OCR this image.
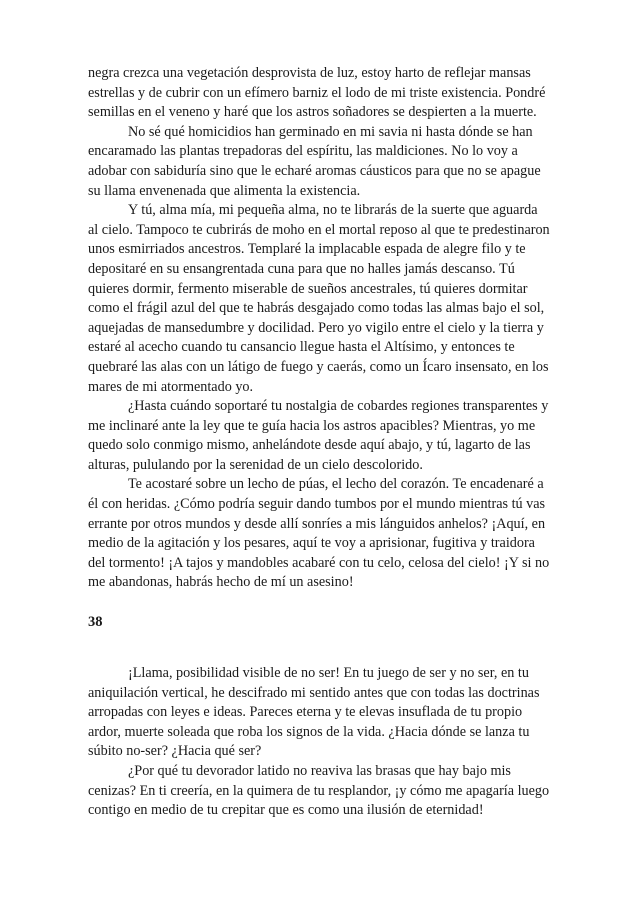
negra crezca una vegetación desprovista de luz, estoy harto de reflejar mansas estrellas y de cubrir con un efímero barniz el lodo de mi triste existencia. Pondré semillas en el veneno y haré que los astros soñadores se despierten a la muerte.

No sé qué homicidios han germinado en mi savia ni hasta dónde se han encaramado las plantas trepadoras del espíritu, las maldiciones. No lo voy a adobar con sabiduría sino que le echaré aromas cáusticos para que no se apague su llama envenenada que alimenta la existencia.

Y tú, alma mía, mi pequeña alma, no te librarás de la suerte que aguarda al cielo. Tampoco te cubrirás de moho en el mortal reposo al que te predestinaron unos esmirriados ancestros. Templaré la implacable espada de alegre filo y te depositaré en su ensangrentada cuna para que no halles jamás descanso. Tú quieres dormir, fermento miserable de sueños ancestrales, tú quieres dormitar como el frágil azul del que te habrás desgajado como todas las almas bajo el sol, aquejadas de mansedumbre y docilidad. Pero yo vigilo entre el cielo y la tierra y estaré al acecho cuando tu cansancio llegue hasta el Altísimo, y entonces te quebraré las alas con un látigo de fuego y caerás, como un Ícaro insensato, en los mares de mi atormentado yo.

¿Hasta cuándo soportaré tu nostalgia de cobardes regiones transparentes y me inclinaré ante la ley que te guía hacia los astros apacibles? Mientras, yo me quedo solo conmigo mismo, anhelándote desde aquí abajo, y tú, lagarto de las alturas, pululando por la serenidad de un cielo descolorido.

Te acostaré sobre un lecho de púas, el lecho del corazón. Te encadenaré a él con heridas. ¿Cómo podría seguir dando tumbos por el mundo mientras tú vas errante por otros mundos y desde allí sonríes a mis lánguidos anhelos? ¡Aquí, en medio de la agitación y los pesares, aquí te voy a aprisionar, fugitiva y traidora del tormento! ¡A tajos y mandobles acabaré con tu celo, celosa del cielo! ¡Y si no me abandonas, habrás hecho de mí un asesino!

38

¡Llama, posibilidad visible de no ser! En tu juego de ser y no ser, en tu aniquilación vertical, he descifrado mi sentido antes que con todas las doctrinas arropadas con leyes e ideas. Pareces eterna y te elevas insuflada de tu propio ardor, muerte soleada que roba los signos de la vida. ¿Hacia dónde se lanza tu súbito no-ser? ¿Hacia qué ser?

¿Por qué tu devorador latido no reaviva las brasas que hay bajo mis cenizas? En ti creería, en la quimera de tu resplandor, ¡y cómo me apagaría luego contigo en medio de tu crepitar que es como una ilusión de eternidad!
